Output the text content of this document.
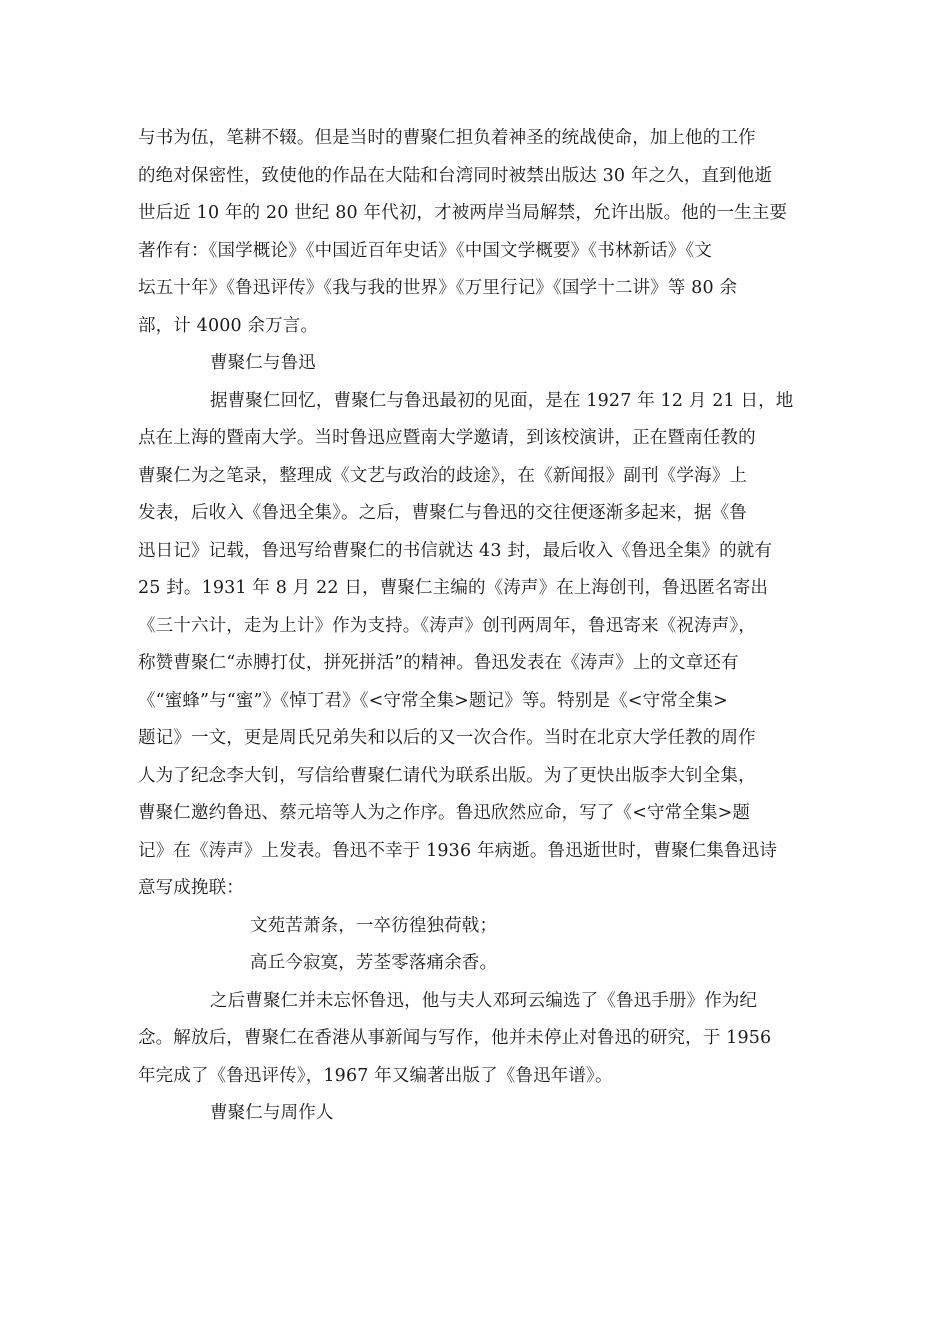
与书为伍，笔耕不辍。但是当时的曹聚仁担负着神圣的统战使命，加上他的工作
的绝对保密性，致使他的作品在大陆和台湾同时被禁出版达 30 年之久，直到他逝
世后近 10 年的 20 世纪 80 年代初，才被两岸当局解禁，允许出版。他的一生主要
著作有：《国学概论》《中国近百年史话》《中国文学概要》《书林新话》《文
坛五十年》《鲁迅评传》《我与我的世界》《万里行记》《国学十二讲》等 80 余
部，计 4000 余万言。
曹聚仁与鲁迅
据曹聚仁回忆，曹聚仁与鲁迅最初的见面，是在 1927 年 12 月 21 日，地
点在上海的暨南大学。当时鲁迅应暨南大学邀请，到该校演讲，正在暨南任教的
曹聚仁为之笔录，整理成《文艺与政治的歧途》，在《新闻报》副刊《学海》上
发表，后收入《鲁迅全集》。之后，曹聚仁与鲁迅的交往便逐渐多起来，据《鲁
迅日记》记载，鲁迅写给曹聚仁的书信就达 43 封，最后收入《鲁迅全集》的就有
25 封。1931 年 8 月 22 日，曹聚仁主编的《涛声》在上海创刊，鲁迅匿名寄出
《三十六计，走为上计》作为支持。《涛声》创刊两周年，鲁迅寄来《祝涛声》，
称赞曹聚仁“赤膊打仗，拼死拼活”的精神。鲁迅发表在《涛声》上的文章还有
《“蜜蜂”与“蜜”》《悼丁君》《<守常全集>题记》等。特别是《<守常全集>
题记》一文，更是周氏兄弟失和以后的又一次合作。当时在北京大学任教的周作
人为了纪念李大钊，写信给曹聚仁请代为联系出版。为了更快出版李大钊全集，
曹聚仁邀约鲁迅、蔡元培等人为之作序。鲁迅欣然应命，写了《<守常全集>题
记》在《涛声》上发表。鲁迅不幸于 1936 年病逝。鲁迅逝世时，曹聚仁集鲁迅诗
意写成挽联：
文苑苦萧条，一卒彷徨独荷戟；
高丘今寂寞，芳荃零落痛余香。
之后曹聚仁并未忘怀鲁迅，他与夫人邓珂云编选了《鲁迅手册》作为纪
念。解放后，曹聚仁在香港从事新闻与写作，他并未停止对鲁迅的研究，于 1956
年完成了《鲁迅评传》，1967 年又编著出版了《鲁迅年谱》。
曹聚仁与周作人
